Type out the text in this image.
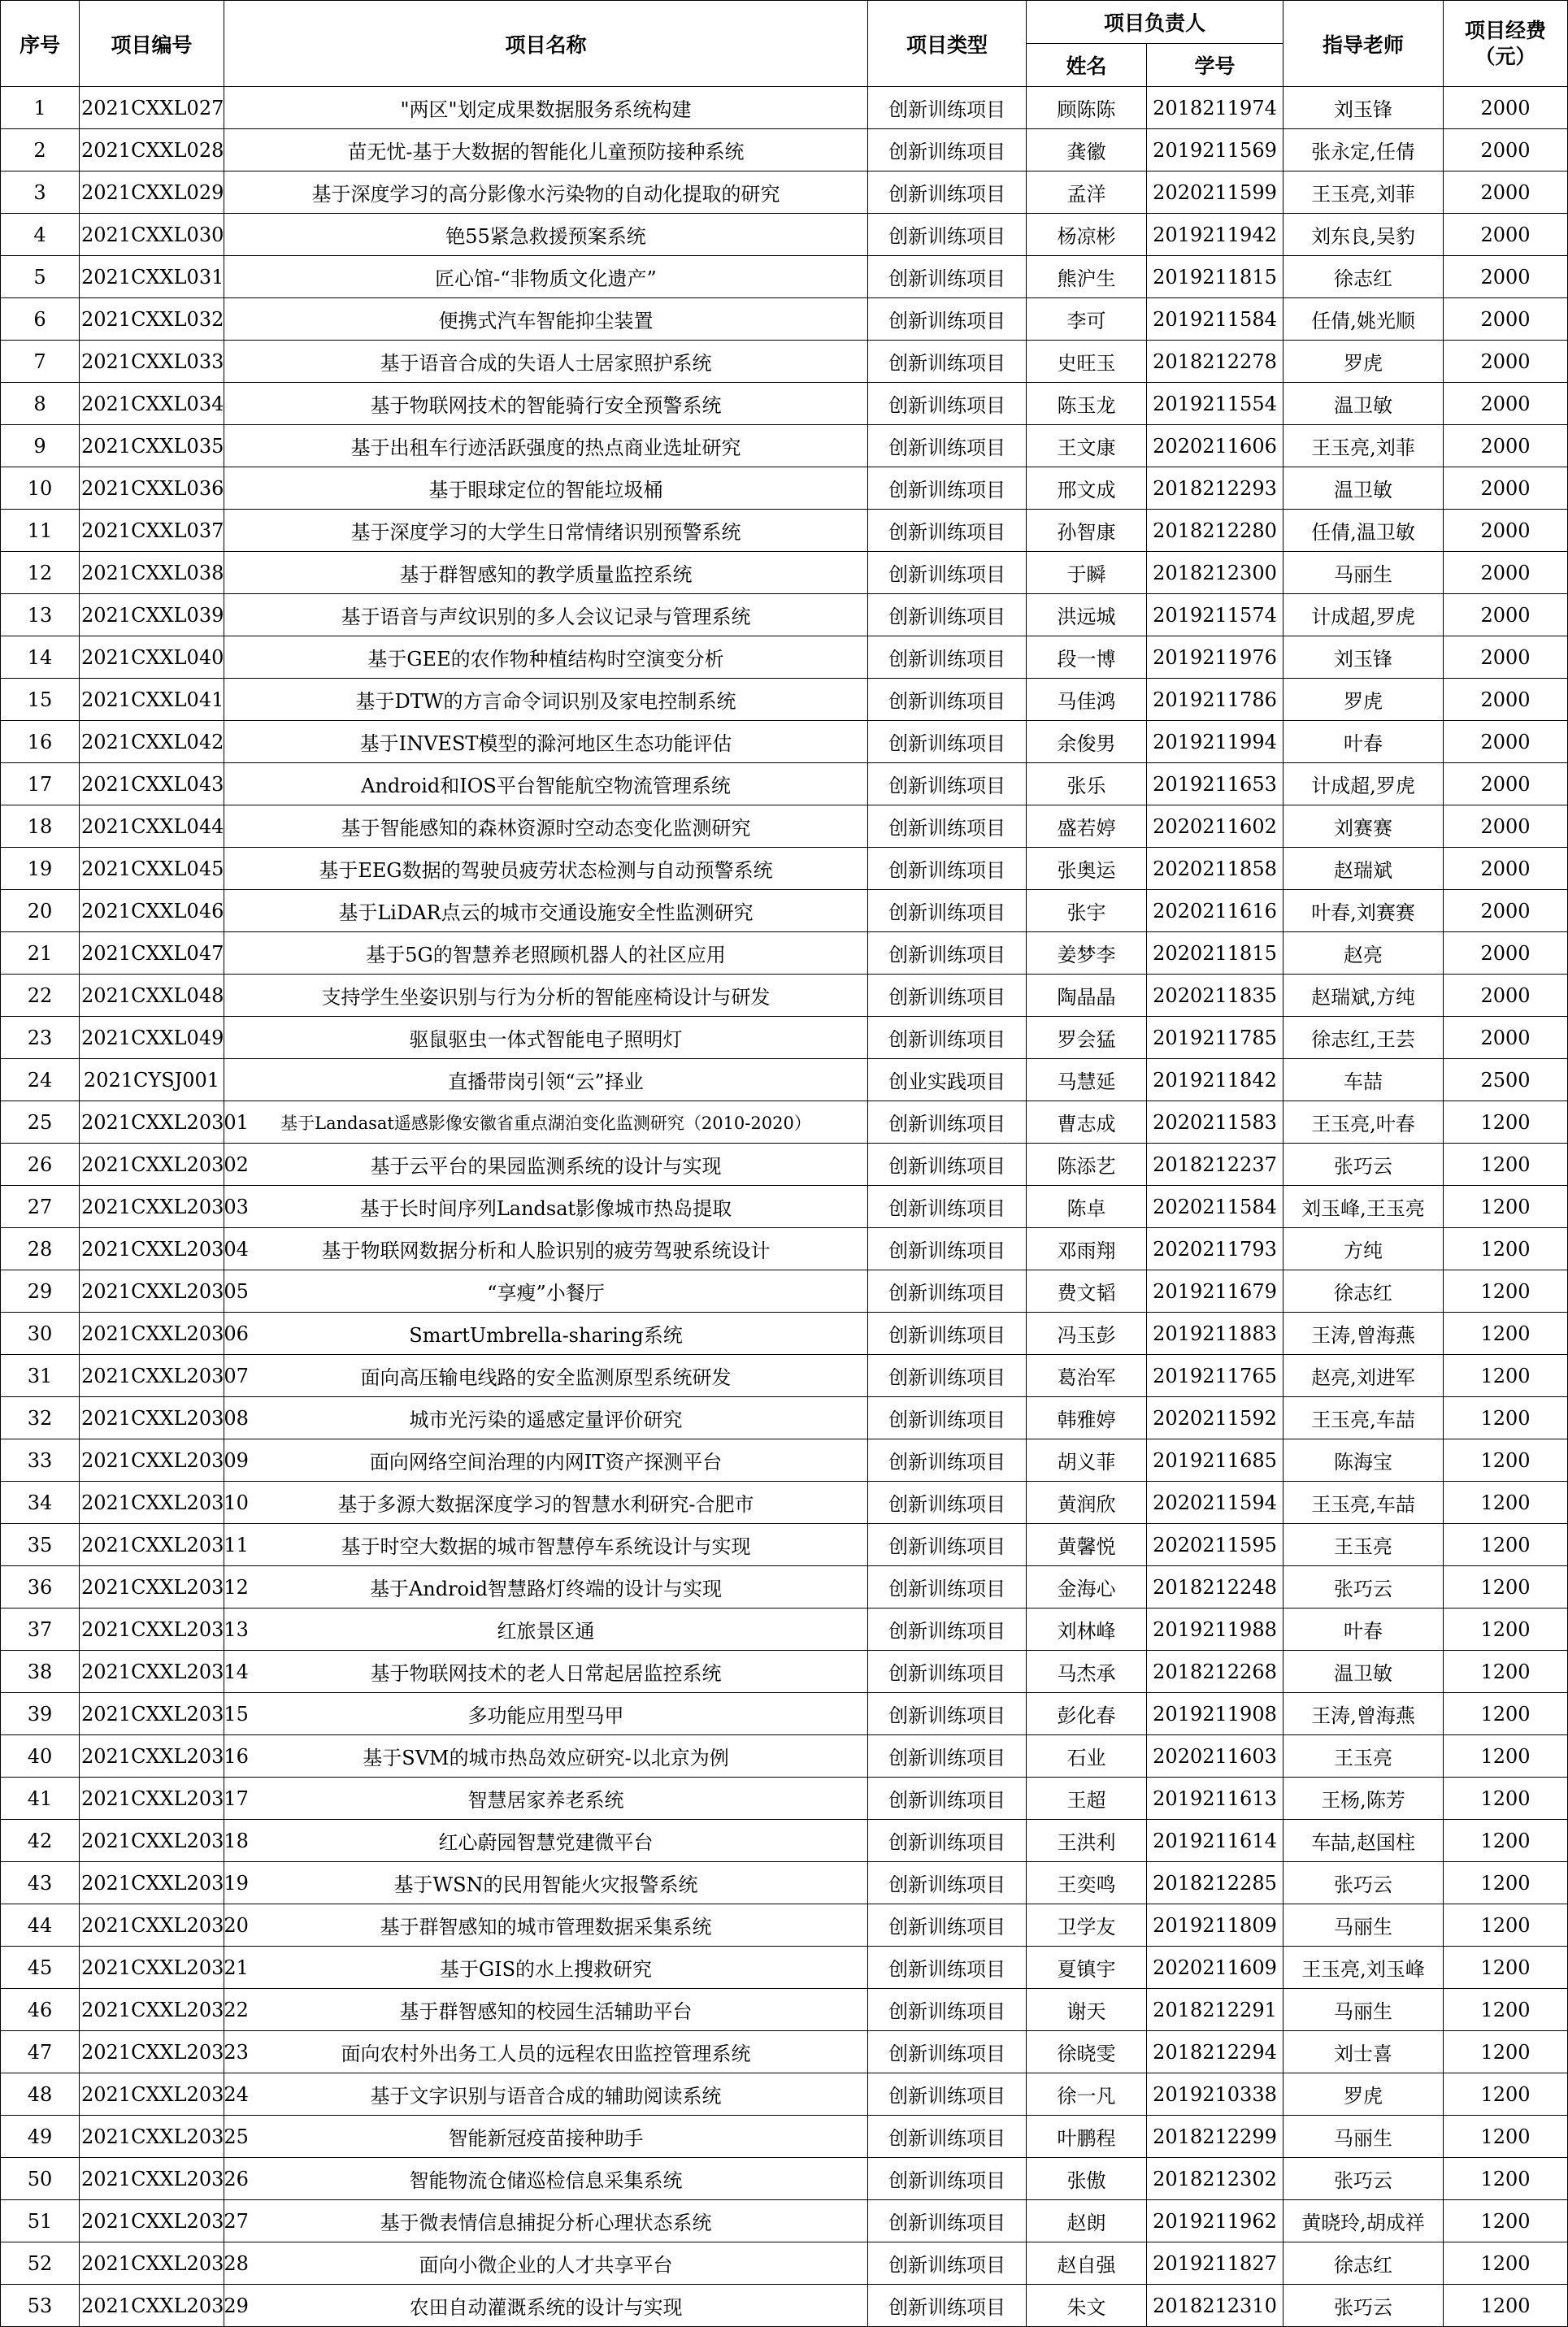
序号	项目编号	项目名称	项目类型	项目负责人		指导老师	项目经费
（元）

				姓名	学号		
1	2021CXXL027	"两区"划定成果数据服务系统构建	创新训练项目	顾陈陈	2018211974	刘玉锋	2000
2	2021CXXL028	苗无忧-基于大数据的智能化儿童预防接种系统	创新训练项目	龚徽	2019211569	张永定,任倩	2000
3	2021CXXL029	基于深度学习的高分影像水污染物的自动化提取的研究	创新训练项目	孟洋	2020211599	王玉亮,刘菲	2000
4	2021CXXL030	铯55紧急救援预案系统	创新训练项目	杨凉彬	2019211942	刘东良,吴豹	2000
5	2021CXXL031	匠心馆-“非物质文化遗产”	创新训练项目	熊沪生	2019211815	徐志红	2000
6	2021CXXL032	便携式汽车智能抑尘装置	创新训练项目	李可	2019211584	任倩,姚光顺	2000
7	2021CXXL033	基于语音合成的失语人士居家照护系统	创新训练项目	史旺玉	2018212278	罗虎	2000
8	2021CXXL034	基于物联网技术的智能骑行安全预警系统	创新训练项目	陈玉龙	2019211554	温卫敏	2000
9	2021CXXL035	基于出租车行迹活跃强度的热点商业选址研究	创新训练项目	王文康	2020211606	王玉亮,刘菲	2000
10	2021CXXL036	基于眼球定位的智能垃圾桶	创新训练项目	邢文成	2018212293	温卫敏	2000
11	2021CXXL037	基于深度学习的大学生日常情绪识别预警系统	创新训练项目	孙智康	2018212280	任倩,温卫敏	2000
12	2021CXXL038	基于群智感知的教学质量监控系统	创新训练项目	于瞬	2018212300	马丽生	2000
13	2021CXXL039	基于语音与声纹识别的多人会议记录与管理系统	创新训练项目	洪远城	2019211574	计成超,罗虎	2000
14	2021CXXL040	基于GEE的农作物种植结构时空演变分析	创新训练项目	段一博	2019211976	刘玉锋	2000
15	2021CXXL041	基于DTW的方言命令词识别及家电控制系统	创新训练项目	马佳鸿	2019211786	罗虎	2000
16	2021CXXL042	基于INVEST模型的滁河地区生态功能评估	创新训练项目	余俊男	2019211994	叶春	2000
17	2021CXXL043	Android和IOS平台智能航空物流管理系统	创新训练项目	张乐	2019211653	计成超,罗虎	2000
18	2021CXXL044	基于智能感知的森林资源时空动态变化监测研究	创新训练项目	盛若婷	2020211602	刘赛赛	2000
19	2021CXXL045	基于EEG数据的驾驶员疲劳状态检测与自动预警系统	创新训练项目	张奥运	2020211858	赵瑞斌	2000
20	2021CXXL046	基于LiDAR点云的城市交通设施安全性监测研究	创新训练项目	张宇	2020211616	叶春,刘赛赛	2000
21	2021CXXL047	基于5G的智慧养老照顾机器人的社区应用	创新训练项目	姜梦李	2020211815	赵亮	2000
22	2021CXXL048	支持学生坐姿识别与行为分析的智能座椅设计与研发	创新训练项目	陶晶晶	2020211835	赵瑞斌,方纯	2000
23	2021CXXL049	驱鼠驱虫一体式智能电子照明灯	创新训练项目	罗会猛	2019211785	徐志红,王芸	2000
24	2021CYSJ001	直播带岗引领“云”择业	创业实践项目	马慧延	2019211842	车喆	2500
25	2021CXXL20301	基于Landasat遥感影像安徽省重点湖泊变化监测研究（2010-2020）	创新训练项目	曹志成	2020211583	王玉亮,叶春	1200
26	2021CXXL20302	基于云平台的果园监测系统的设计与实现	创新训练项目	陈添艺	2018212237	张巧云	1200
27	2021CXXL20303	基于长时间序列Landsat影像城市热岛提取	创新训练项目	陈卓	2020211584	刘玉峰,王玉亮	1200
28	2021CXXL20304	基于物联网数据分析和人脸识别的疲劳驾驶系统设计	创新训练项目	邓雨翔	2020211793	方纯	1200
29	2021CXXL20305	“享瘦”小餐厅	创新训练项目	费文韬	2019211679	徐志红	1200
30	2021CXXL20306	SmartUmbrella-sharing系统	创新训练项目	冯玉彭	2019211883	王涛,曾海燕	1200
31	2021CXXL20307	面向高压输电线路的安全监测原型系统研发	创新训练项目	葛治军	2019211765	赵亮,刘进军	1200
32	2021CXXL20308	城市光污染的遥感定量评价研究	创新训练项目	韩雅婷	2020211592	王玉亮,车喆	1200
33	2021CXXL20309	面向网络空间治理的内网IT资产探测平台	创新训练项目	胡义菲	2019211685	陈海宝	1200
34	2021CXXL20310	基于多源大数据深度学习的智慧水利研究-合肥市	创新训练项目	黄润欣	2020211594	王玉亮,车喆	1200
35	2021CXXL20311	基于时空大数据的城市智慧停车系统设计与实现	创新训练项目	黄馨悦	2020211595	王玉亮	1200
36	2021CXXL20312	基于Android智慧路灯终端的设计与实现	创新训练项目	金海心	2018212248	张巧云	1200
37	2021CXXL20313	红旅景区通	创新训练项目	刘林峰	2019211988	叶春	1200
38	2021CXXL20314	基于物联网技术的老人日常起居监控系统	创新训练项目	马杰承	2018212268	温卫敏	1200
39	2021CXXL20315	多功能应用型马甲	创新训练项目	彭化春	2019211908	王涛,曾海燕	1200
40	2021CXXL20316	基于SVM的城市热岛效应研究-以北京为例	创新训练项目	石业	2020211603	王玉亮	1200
41	2021CXXL20317	智慧居家养老系统	创新训练项目	王超	2019211613	王杨,陈芳	1200
42	2021CXXL20318	红心蔚园智慧党建微平台	创新训练项目	王洪利	2019211614	车喆,赵国柱	1200
43	2021CXXL20319	基于WSN的民用智能火灾报警系统	创新训练项目	王奕鸣	2018212285	张巧云	1200
44	2021CXXL20320	基于群智感知的城市管理数据采集系统	创新训练项目	卫学友	2019211809	马丽生	1200
45	2021CXXL20321	基于GIS的水上搜救研究	创新训练项目	夏镇宇	2020211609	王玉亮,刘玉峰	1200
46	2021CXXL20322	基于群智感知的校园生活辅助平台	创新训练项目	谢天	2018212291	马丽生	1200
47	2021CXXL20323	面向农村外出务工人员的远程农田监控管理系统	创新训练项目	徐晓雯	2018212294	刘士喜	1200
48	2021CXXL20324	基于文字识别与语音合成的辅助阅读系统	创新训练项目	徐一凡	2019210338	罗虎	1200
49	2021CXXL20325	智能新冠疫苗接种助手	创新训练项目	叶鹏程	2018212299	马丽生	1200
50	2021CXXL20326	智能物流仓储巡检信息采集系统	创新训练项目	张傲	2018212302	张巧云	1200
51	2021CXXL20327	基于微表情信息捕捉分析心理状态系统	创新训练项目	赵朗	2019211962	黄晓玲,胡成祥	1200
52	2021CXXL20328	面向小微企业的人才共享平台	创新训练项目	赵自强	2019211827	徐志红	1200
53	2021CXXL20329	农田自动灌溉系统的设计与实现	创新训练项目	朱文	2018212310	张巧云	1200
